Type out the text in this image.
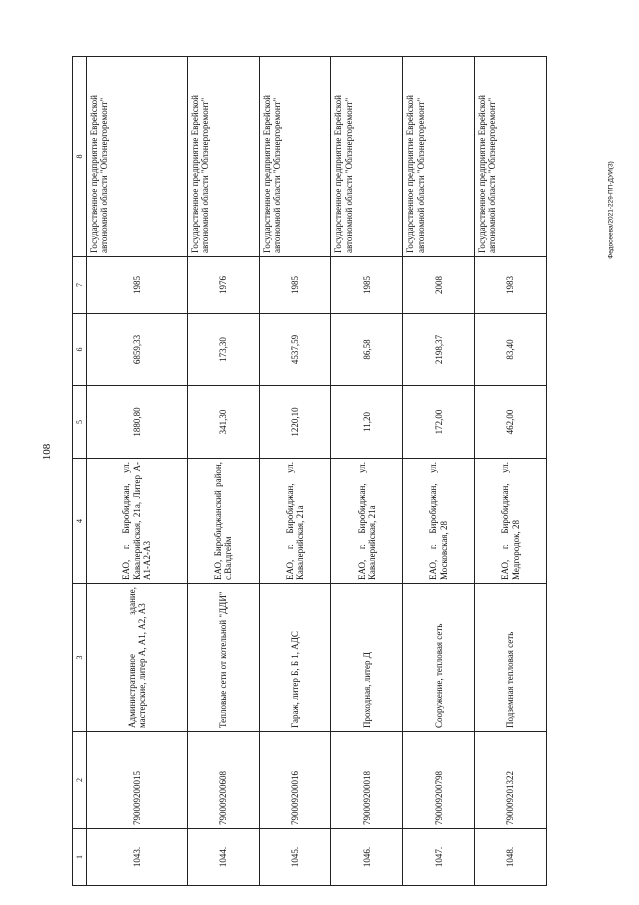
108
Федосеева/2021-229-ПП-ДУИ(3)
1	2	3	4	5	6	7	8
1043.	790009200015	Административное здание, мастерские, литер А, А1, А2, А3	ЕАО, г. Биробиджан, ул. Кавалерийская, 21а, Литер А-А1-А2-А3	1880,80	6859,33	1985	Государственное предприятие Еврейской автономной области "Облэнергоремонт"
1044.	790009200608	Тепловые сети от котельной "ДДИ"	ЕАО, Биробиджанский район, с.Валдгейм	341,30	173,30	1976	Государственное предприятие Еврейской автономной области "Облэнергоремонт"
1045.	790009200016	Гараж, литер Б, Б 1, АДС	ЕАО, г. Биробиджан, ул. Кавалерийская, 21а	1220,10	4537,59	1985	Государственное предприятие Еврейской автономной области "Облэнергоремонт"
1046.	790009200018	Проходная, литер Д	ЕАО, г. Биробиджан, ул. Кавалерийская, 21а	11,20	86,58	1985	Государственное предприятие Еврейской автономной области "Облэнергоремонт"
1047.	790009200798	Сооружение, тепловая сеть	ЕАО, г. Биробиджан, ул. Московская, 28	172,00	2198,37	2008	Государственное предприятие Еврейской автономной области "Облэнергоремонт"
1048.	790009201322	Подземная тепловая сеть	ЕАО, г. Биробиджан, ул. Медгородок, 28	462,00	83,40	1983	Государственное предприятие Еврейской автономной области "Облэнергоремонт"
